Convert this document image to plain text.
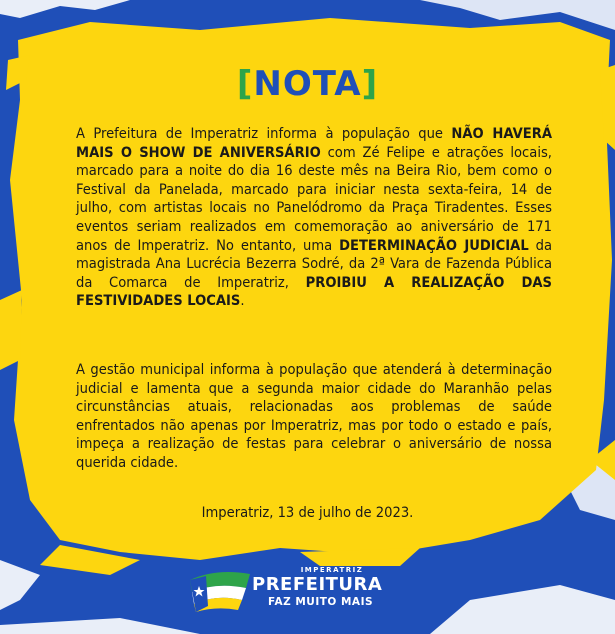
[NOTA]

A Prefeitura de Imperatriz informa à população que NÃO HAVERÁ MAIS O SHOW DE ANIVERSÁRIO com Zé Felipe e atrações locais, marcado para a noite do dia 16 deste mês na Beira Rio, bem como o Festival da Panelada, marcado para iniciar nesta sexta-feira, 14 de julho, com artistas locais no Panelódromo da Praça Tiradentes. Esses eventos seriam realizados em comemoração ao aniversário de 171 anos de Imperatriz. No entanto, uma DETERMINAÇÃO JUDICIAL da magistrada Ana Lucrécia Bezerra Sodré, da 2ª Vara de Fazenda Pública da Comarca de Imperatriz, PROIBIU A REALIZAÇÃO DAS FESTIVIDADES LOCAIS.

A gestão municipal informa à população que atenderá à determinação judicial e lamenta que a segunda maior cidade do Maranhão pelas circunstâncias atuais, relacionadas aos problemas de saúde enfrentados não apenas por Imperatriz, mas por todo o estado e país, impeça a realização de festas para celebrar o aniversário de nossa querida cidade.

Imperatriz, 13 de julho de 2023.
IMPERATRIZ
PREFEITURA
FAZ MUITO MAIS
